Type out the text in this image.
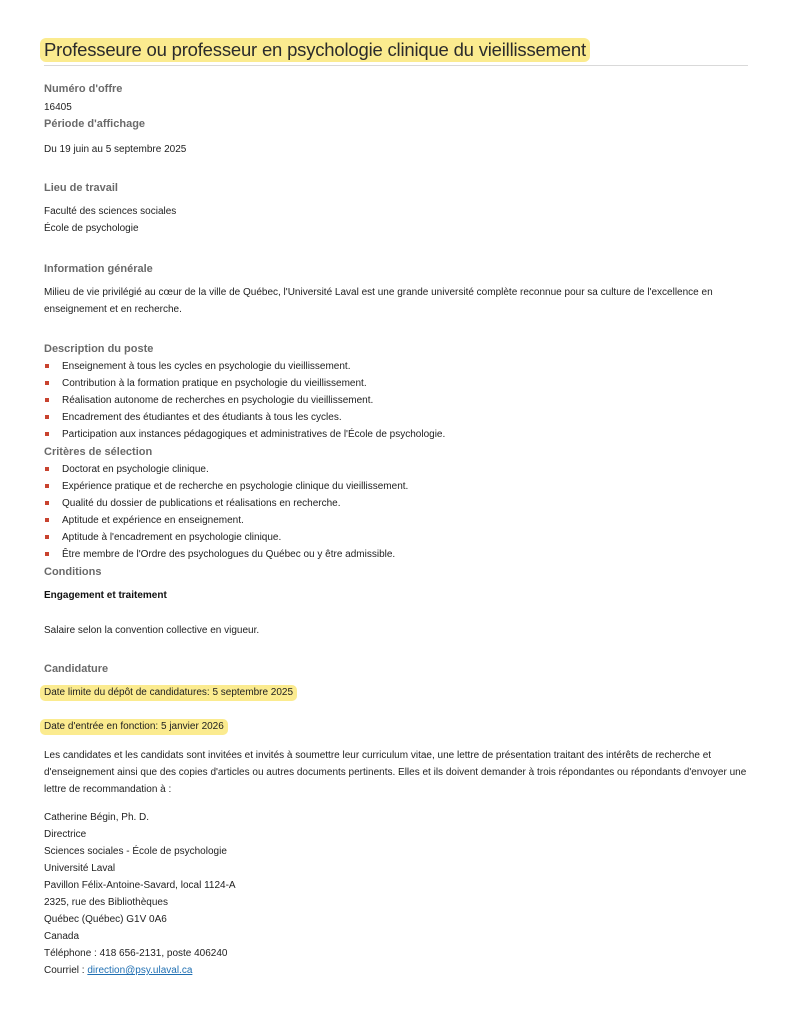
Professeure ou professeur en psychologie clinique du vieillissement
Numéro d'offre
16405
Période d'affichage
Du 19 juin au 5 septembre 2025
Lieu de travail
Faculté des sciences sociales
École de psychologie
Information générale
Milieu de vie privilégié au cœur de la ville de Québec, l'Université Laval est une grande université complète reconnue pour sa culture de l'excellence en enseignement et en recherche.
Description du poste
Enseignement à tous les cycles en psychologie du vieillissement.
Contribution à la formation pratique en psychologie du vieillissement.
Réalisation autonome de recherches en psychologie du vieillissement.
Encadrement des étudiantes et des étudiants à tous les cycles.
Participation aux instances pédagogiques et administratives de l'École de psychologie.
Critères de sélection
Doctorat en psychologie clinique.
Expérience pratique et de recherche en psychologie clinique du vieillissement.
Qualité du dossier de publications et réalisations en recherche.
Aptitude et expérience en enseignement.
Aptitude à l'encadrement en psychologie clinique.
Être membre de l'Ordre des psychologues du Québec ou y être admissible.
Conditions
Engagement et traitement
Salaire selon la convention collective en vigueur.
Candidature
Date limite du dépôt de candidatures: 5 septembre 2025
Date d'entrée en fonction: 5 janvier 2026
Les candidates et les candidats sont invitées et invités à soumettre leur curriculum vitae, une lettre de présentation traitant des intérêts de recherche et d'enseignement ainsi que des copies d'articles ou autres documents pertinents. Elles et ils doivent demander à trois répondantes ou répondants d'envoyer une lettre de recommandation à :
Catherine Bégin, Ph. D.
Directrice
Sciences sociales - École de psychologie
Université Laval
Pavillon Félix-Antoine-Savard, local 1124-A
2325, rue des Bibliothèques
Québec (Québec) G1V 0A6
Canada
Téléphone : 418 656-2131, poste 406240
Courriel : direction@psy.ulaval.ca
